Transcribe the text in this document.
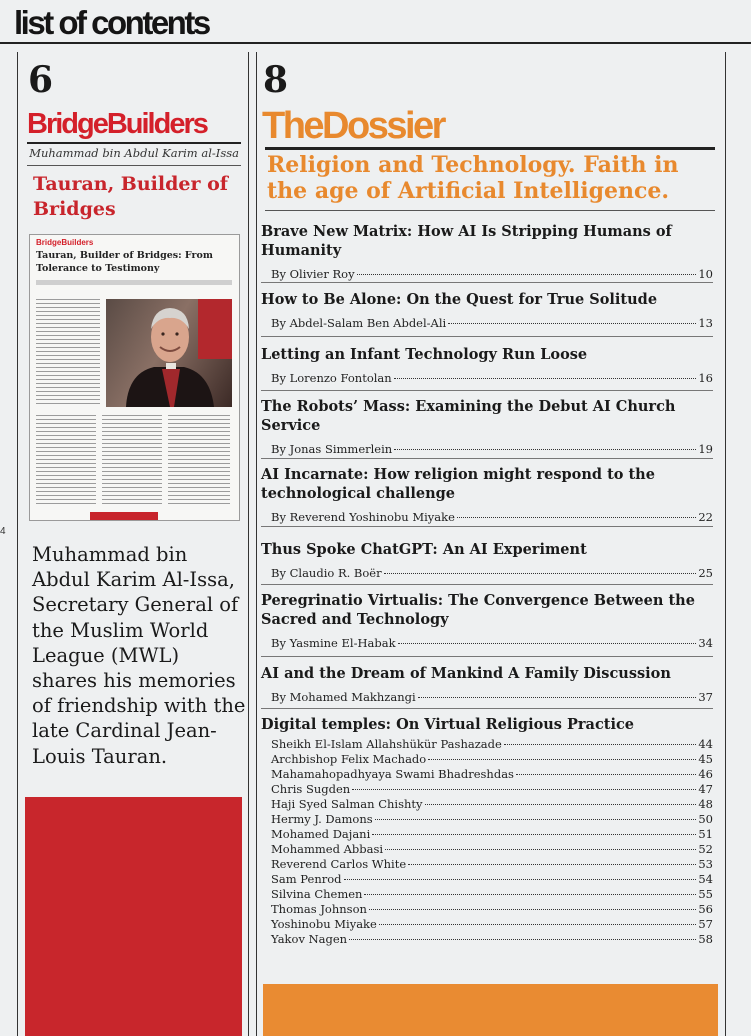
list of contents
6
BridgeBuilders
Muhammad bin Abdul Karim al-Issa
Tauran, Builder of Bridges
BridgeBuilders
Tauran, Builder of Bridges: From Tolerance to Testimony

Muhammad bin Abdul Karim Al-Issa, Secretary General of the Muslim World League (MWL) shares his memories of friendship with the late Cardinal Jean-Louis Tauran.

4
8
TheDossier
Religion and Technology. Faith in the age of Artificial Intelligence.
Brave New Matrix: How AI Is Stripping Humans of Humanity
By Olivier Roy	10
How to Be Alone: On the Quest for True Solitude
By Abdel-Salam Ben Abdel-Ali	13
Letting an Infant Technology Run Loose
By Lorenzo Fontolan	16
The Robots’ Mass: Examining the Debut AI Church Service
By Jonas Simmerlein	19
AI Incarnate: How religion might respond to the technological challenge
By Reverend Yoshinobu Miyake	22
Thus Spoke ChatGPT: An AI Experiment
By Claudio R. Boër	25
Peregrinatio Virtualis: The Convergence Between the Sacred and Technology
By Yasmine El-Habak	34
AI and the Dream of Mankind A Family Discussion
By Mohamed Makhzangi	37
Digital temples: On Virtual Religious Practice
Sheikh El-Islam Allahshükür Pashazade	44
Archbishop Felix Machado	45
Mahamahopadhyaya Swami Bhadreshdas	46
Chris Sugden	47
Haji Syed Salman Chishty	48
Hermy J. Damons	50
Mohamed Dajani	51
Mohammed Abbasi	52
Reverend Carlos White	53
Sam Penrod	54
Silvina Chemen	55
Thomas Johnson	56
Yoshinobu Miyake	57
Yakov Nagen	58
